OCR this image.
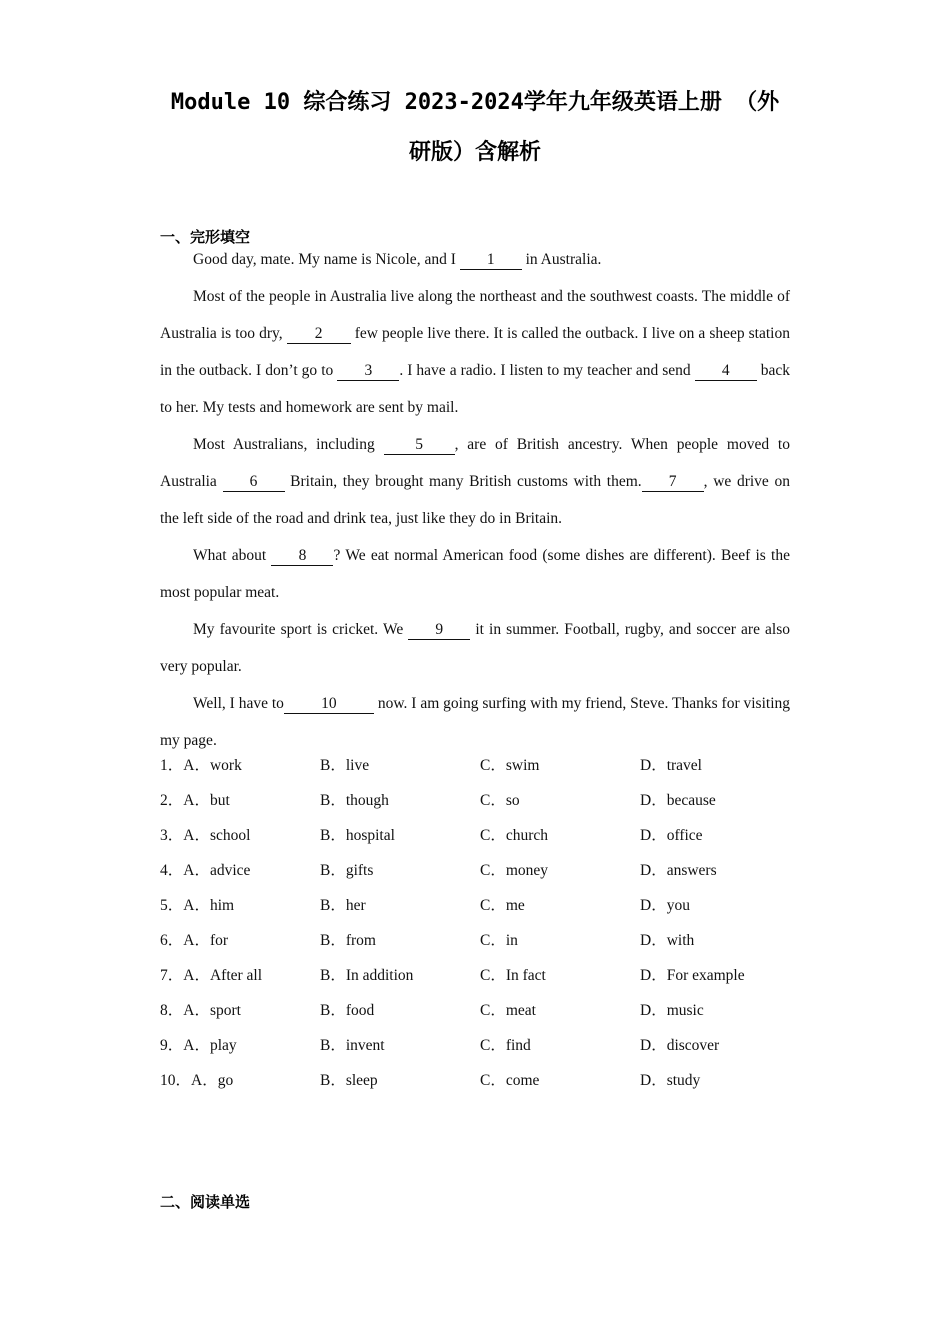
Module 10 综合练习 2023-2024学年九年级英语上册 （外
研版）含解析
一、完形填空

Good day, mate. My name is Nicole, and I 1 in Australia.

Most of the people in Australia live along the northeast and the southwest coasts. The middle of Australia is too dry, 2 few people live there. It is called the outback. I live on a sheep station in the outback. I don’t go to 3 . I have a radio. I listen to my teacher and send 4 back to her. My tests and homework are sent by mail.

Most Australians, including 5 , are of British ancestry. When people moved to Australia 6 Britain, they brought many British customs with them. 7 , we drive on the left side of the road and drink tea, just like they do in Britain.

What about 8 ? We eat normal American food (some dishes are different). Beef is the most popular meat.

My favourite sport is cricket. We 9 it in summer. Football, rugby, and soccer are also very popular.

Well, I have to 10 now. I am going surfing with my friend, Steve. Thanks for visiting my page.

1．A．work	B．live	C．swim	D．travel
2．A．but	B．though	C．so	D．because
3．A．school	B．hospital	C．church	D．office
4．A．advice	B．gifts	C．money	D．answers
5．A．him	B．her	C．me	D．you
6．A．for	B．from	C．in	D．with
7．A．After all	B．In addition	C．In fact	D．For example
8．A．sport	B．food	C．meat	D．music
9．A．play	B．invent	C．find	D．discover
10．A．go	B．sleep	C．come	D．study
二、阅读单选
